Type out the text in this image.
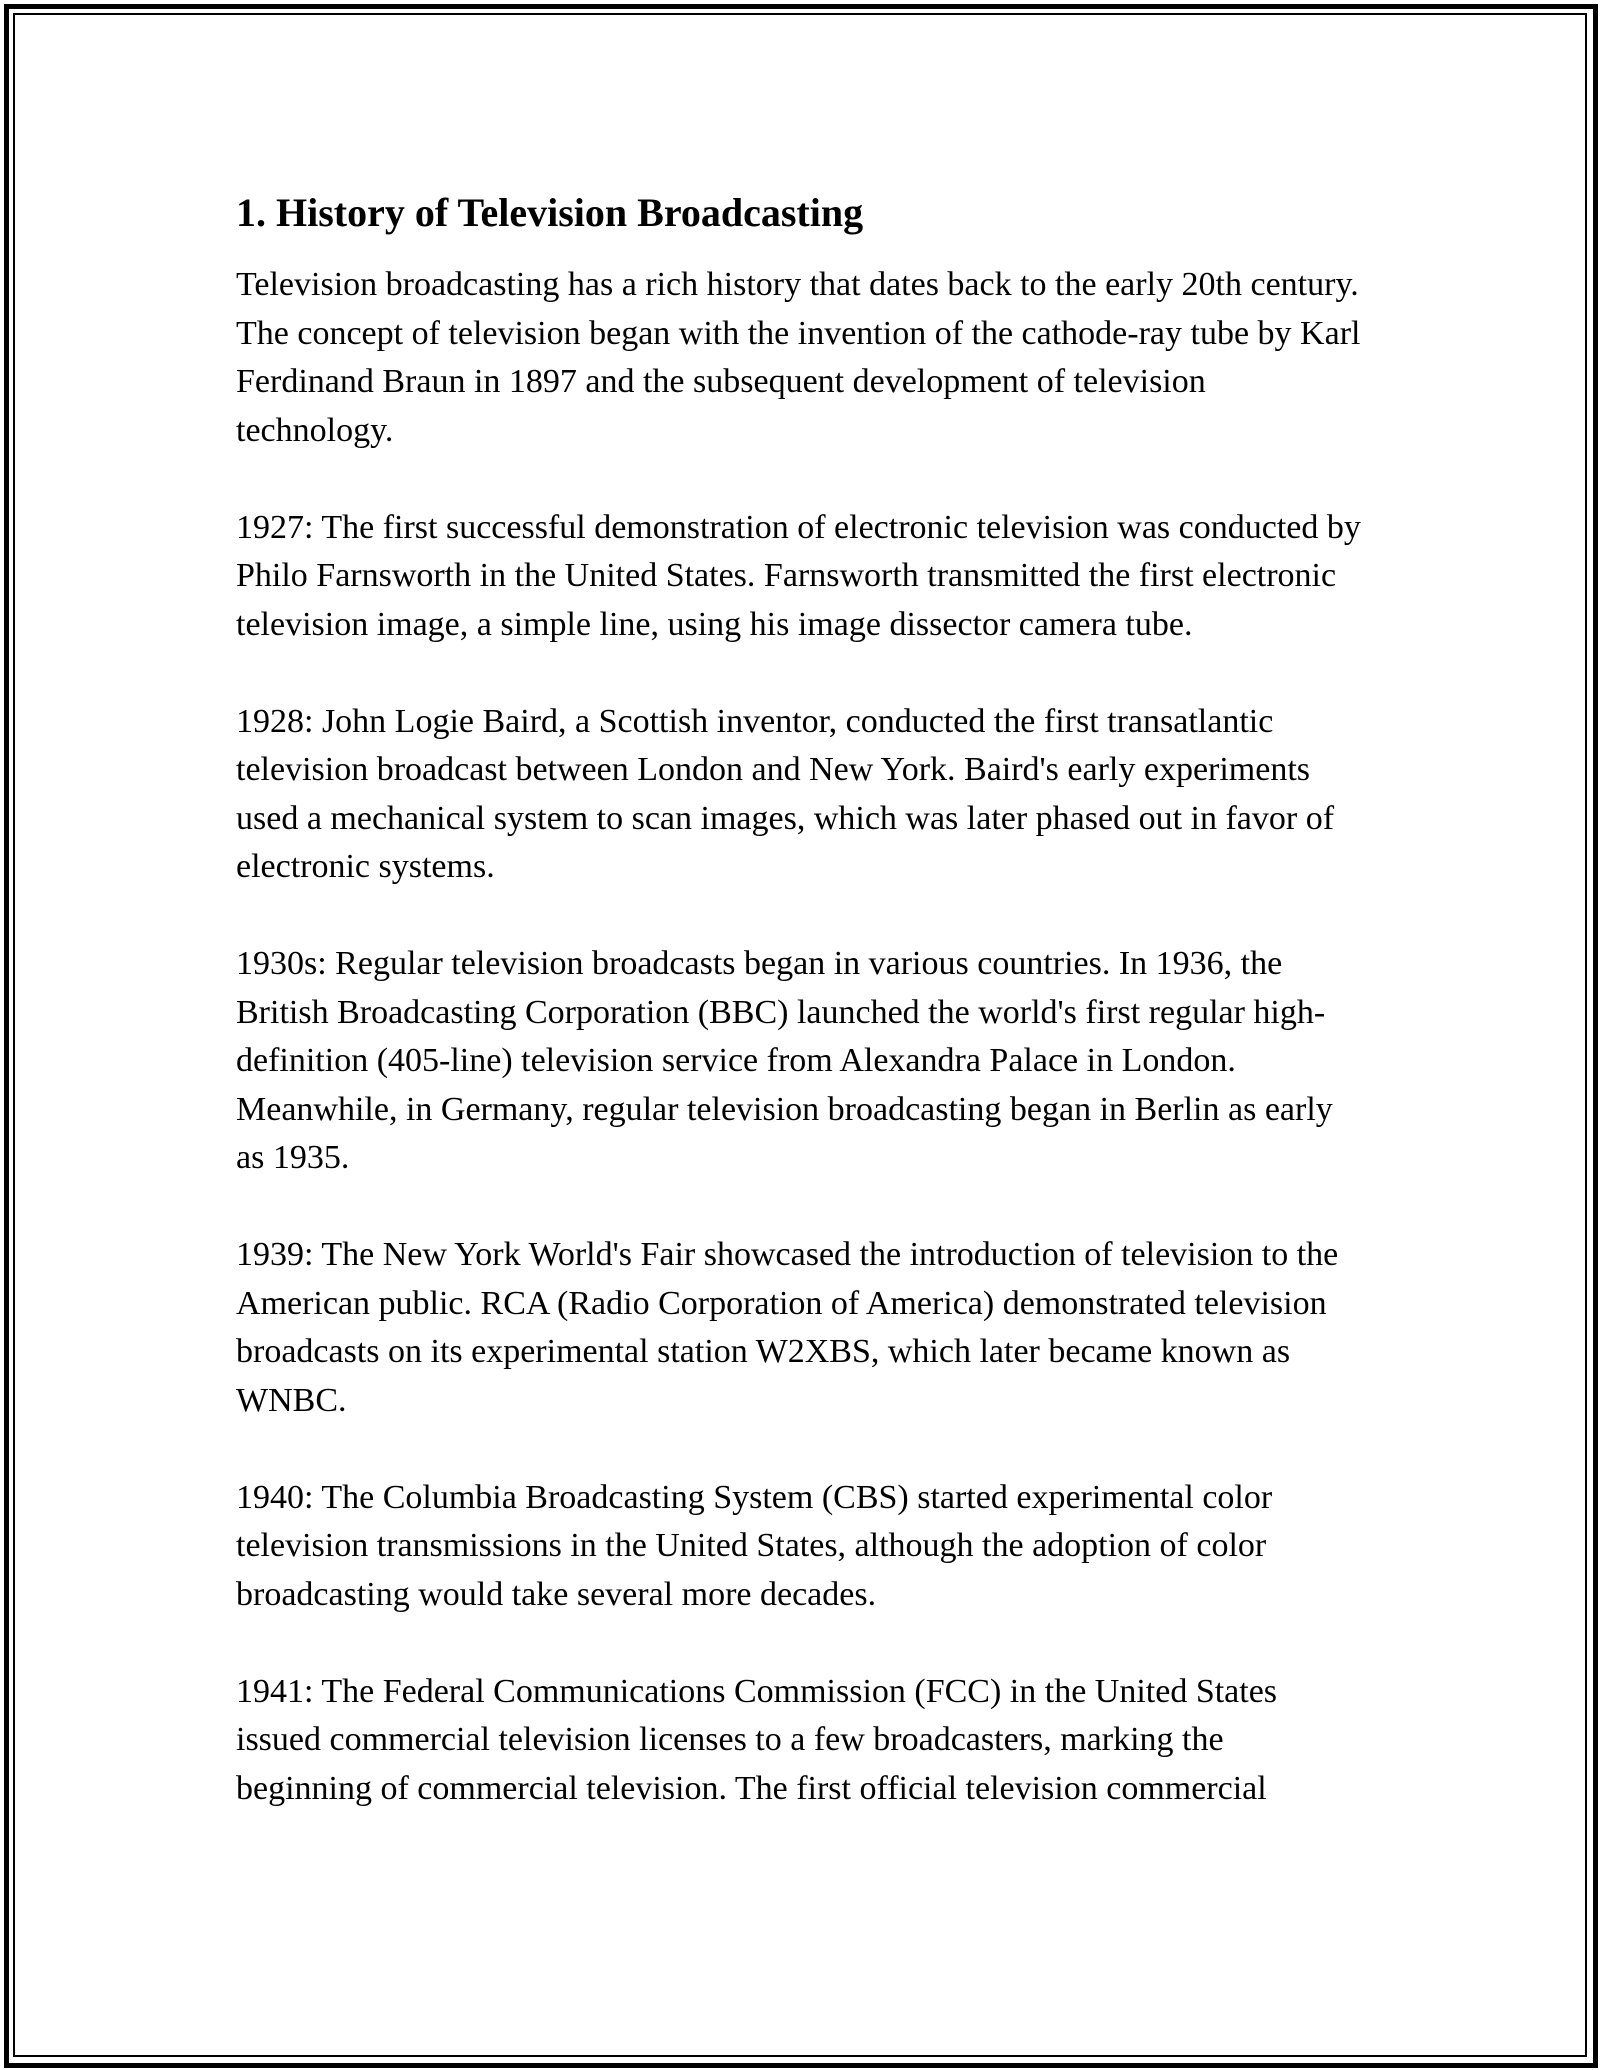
1. History of Television Broadcasting

Television broadcasting has a rich history that dates back to the early 20th century. The concept of television began with the invention of the cathode-ray tube by Karl Ferdinand Braun in 1897 and the subsequent development of television technology.

1927: The first successful demonstration of electronic television was conducted by Philo Farnsworth in the United States. Farnsworth transmitted the first electronic television image, a simple line, using his image dissector camera tube.

1928: John Logie Baird, a Scottish inventor, conducted the first transatlantic television broadcast between London and New York. Baird's early experiments used a mechanical system to scan images, which was later phased out in favor of electronic systems.

1930s: Regular television broadcasts began in various countries. In 1936, the British Broadcasting Corporation (BBC) launched the world's first regular high-definition (405-line) television service from Alexandra Palace in London. Meanwhile, in Germany, regular television broadcasting began in Berlin as early as 1935.

1939: The New York World's Fair showcased the introduction of television to the American public. RCA (Radio Corporation of America) demonstrated television broadcasts on its experimental station W2XBS, which later became known as WNBC.

1940: The Columbia Broadcasting System (CBS) started experimental color television transmissions in the United States, although the adoption of color broadcasting would take several more decades.

1941: The Federal Communications Commission (FCC) in the United States issued commercial television licenses to a few broadcasters, marking the beginning of commercial television. The first official television commercial
